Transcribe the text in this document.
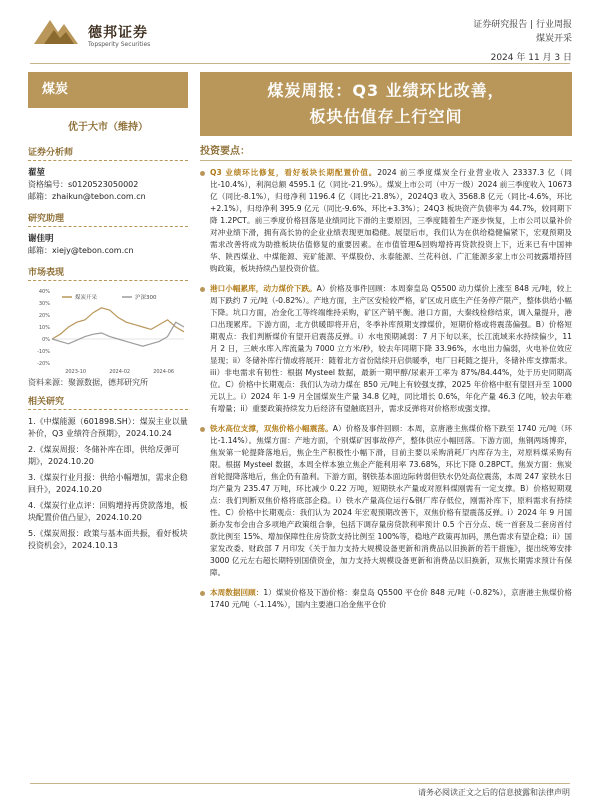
德邦证券
Topsperity Securities
证券研究报告 | 行业周报
煤炭开采
2024 年 11 月 3 日
煤炭
优于大市（维持）
证券分析师
翟堃
资格编号：s0120523050002
邮箱：zhaikun@tebon.com.cn
研究助理
谢佳明
邮箱：xiejy@tebon.com.cn
市场表现
40%
30%
20%
10%
0%
-10%
-20%
2023-10	2024-02	2024-06
煤炭开采	沪深300
资料来源：聚源数据，德邦研究所
相关研究
1.《中煤能源（601898.SH）：煤炭主业以量补价，Q3 业绩符合预期》，2024.10.24
2.《煤炭周报：冬储补库在即，供给反弹可期》，2024.10.20
3.《煤炭行业月报：供给小幅增加，需求企稳回升》，2024.10.20
4.《煤炭行业点评：回购增持再贷款落地，板块配置价值凸显》，2024.10.20
5.《煤炭周报：政策与基本面共振，看好板块投资机会》，2024.10.13
煤炭周报：Q3 业绩环比改善，
板块估值存上行空间
投资要点：
Q3 业绩环比修复，看好板块长期配置价值。2024 前三季度煤炭全行业营业收入 23337.3 亿（同比-10.4%），利润总额 4595.1 亿（同比-21.9%）。煤炭上市公司（中万一级）2024 前三季度收入 10673 亿（同比-8.1%），归母净利 1196.4 亿（同比-21.8%），2024Q3 收入 3568.8 亿元（同比-4.6%，环比+2.1%），归母净利 395.9 亿元（同比-9.6%、环比+3.3%）；24Q3 板块资产负债率为 44.7%，较同期下降 1.2PCT。前三季度价格回落是业绩同比下滑的主要原因，三季度随着生产逐步恢复，上市公司以量补价对冲业绩下滑，拥有高长协的企业业绩表现更加稳健。展望后市，我们认为在供给稳健偏紧下，宏观预期及需求改善将成为助推板块估值修复的重要因素。在市值管理&回购增持再贷款投资上下，近来已有中国神华、陕西煤业、中煤能源、兖矿能源、平煤股份、永泰能源、兰花科创、广汇能源多家上市公司披露增持回购政策，板块持续凸显投资价值。
港口小幅累库，动力煤价下跌。A）价格及事件回顾：本周秦皇岛 Q5500 动力煤价上涨至 848 元/吨，较上周下跌约 7 元/吨（-0.82%）。产地方面，主产区安检较严格，矿区成月底生产任务停产限产，整体供给小幅下降。坑口方面，冶金化工等终端维持采购，矿区产销平衡。港口方面，大秦线检修结束，调入量提升，港口出现累库。下游方面，北方供暖即将开启，冬季补库预期支撑煤价，短期价格或将震荡偏强。B）价格短期观点：我们判断煤价有望开启震荡反弹。i）水电预期减弱：7 月下旬以来，长江流域来水持续偏少，11 月 2 日，三峡水库入库流量为 7000 立方米/秒，较去年同期下降 33.96%，水电出力偏弱，火电补位效应显现；ii）冬储补库行情或将展开：随着北方省份陆续开启供暖季，电厂日耗随之提升，冬储补库支撑需求。iii）非电需求有韧性：根据 Mysteel 数据，最新一期甲醇/尿素开工率为 87%/84.44%，处于历史同期高位。C）价格中长期观点：我们认为动力煤在 850 元/吨上有较强支撑，2025 年价格中枢有望回升至 1000 元以上。i）2024 年 1-9 月全国煤炭生产量 34.8 亿吨，同比增长 0.6%，年化产量 46.3 亿吨，较去年难有增量；ii）重要政策持续发力后经济有望触底回升，需求反弹将对价格形成强支撑。
铁水高位支撑，双焦价格小幅震荡。A）价格及事件回顾：本周，京唐港主焦煤价格下跌至 1740 元/吨（环比-1.14%）。焦煤方面：产地方面，个别煤矿因事故停产，整体供应小幅回落。下游方面，焦钢两场博弈，焦炭第一轮提降落地后，焦企生产积极性小幅下滑，目前主要以采购消耗厂内库存为主，对原料煤采购有限。根据 Mysteel 数据，本周全样本独立焦企产能利用率 73.68%，环比下降 0.28PCT。焦炭方面：焦炭首轮提降落地后，焦企仍有盈利。下游方面，钢铁基本面边际转弱但铁水仍处高位震荡，本周 247 家铁水日均产量为 235.47 万吨，环比减少 0.22 万吨，短期铁水产量或对原料煤刚需有一定支撑。B）价格短期观点：我们判断双焦价格将底部企稳。i）铁水产量高位运行&钢厂库存低位，刚需补库下，原料需求有持续性。C）价格中长期观点：我们认为 2024 年宏观预期改善下，双焦价格有望震荡反弹。i）2024 年 9 月国新办发布会由合多项地产政策组合拳，包括下调存量房贷款利率预计 0.5 个百分点、统一首套及二套房首付款比例至 15%、增加保障性住房贷款支持比例至 100%等，稳地产政策再加码，黑色需求有望企稳；ii）国家发改委、财政部 7 月印发《关于加力支持大规模设备更新和消费品以旧换新的若干措施》，提出统筹安排 3000 亿元左右超长期特别国债资金，加力支持大规模设备更新和消费品以旧换新，双焦长期需求预计有保障。
本周数据回顾：1）煤炭价格及下游价格：秦皇岛 Q5500 平仓价 848 元/吨（-0.82%），京唐港主焦煤价格 1740 元/吨（-1.14%），国内主要港口冶金焦平仓价
请务必阅读正文之后的信息披露和法律声明
